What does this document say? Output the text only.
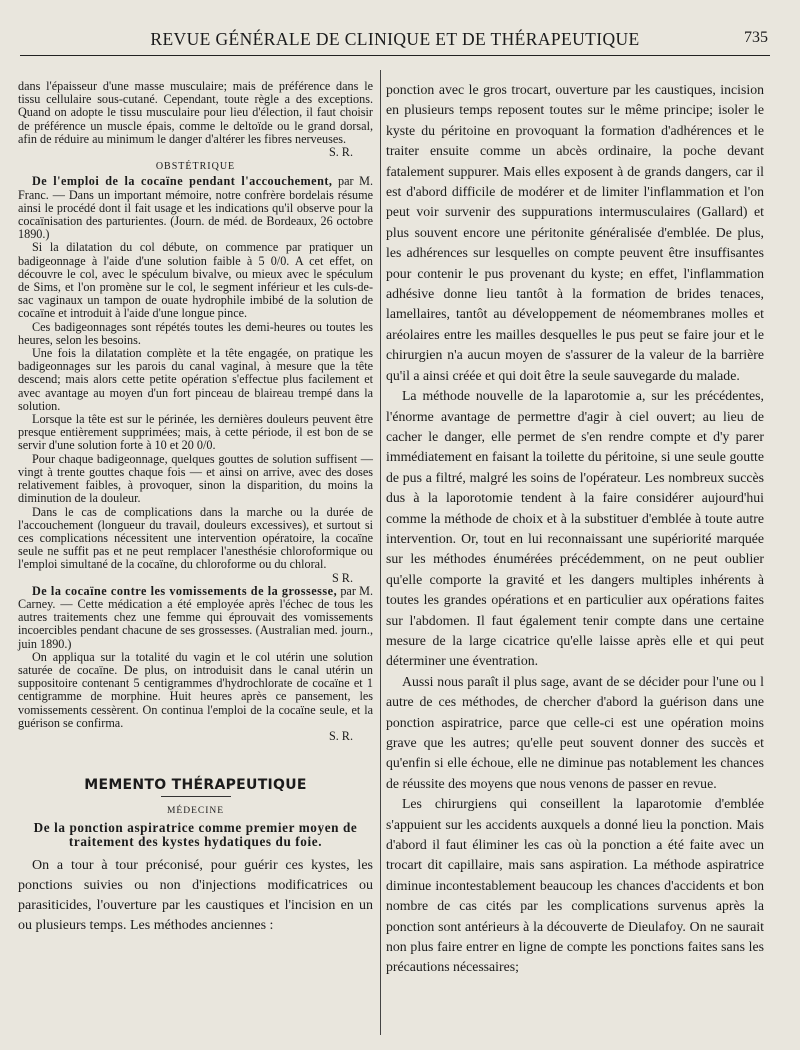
REVUE GÉNÉRALE DE CLINIQUE ET DE THÉRAPEUTIQUE	735

dans l'épaisseur d'une masse musculaire; mais de préférence dans le tissu cellulaire sous-cutané. Cependant, toute règle a des exceptions. Quand on adopte le tissu musculaire pour lieu d'élection, il faut choisir de préférence un muscle épais, comme le deltoïde ou le grand dorsal, afin de réduire au minimum le danger d'altérer les fibres nerveuses.

S. R.
OBSTÉTRIQUE

De l'emploi de la cocaïne pendant l'accouchement, par M. Franc. — Dans un important mémoire, notre confrère bordelais résume ainsi le procédé dont il fait usage et les indications qu'il observe pour la cocaïnisation des parturientes. (Journ. de méd. de Bordeaux, 26 octobre 1890.)

Si la dilatation du col débute, on commence par pratiquer un badigeonnage à l'aide d'une solution faible à 5 0/0. A cet effet, on découvre le col, avec le spéculum bivalve, ou mieux avec le spéculum de Sims, et l'on promène sur le col, le segment inférieur et les culs-de-sac vaginaux un tampon de ouate hydrophile imbibé de la solution de cocaïne et introduit à l'aide d'une longue pince.

Ces badigeonnages sont répétés toutes les demi-heures ou toutes les heures, selon les besoins.

Une fois la dilatation complète et la tête engagée, on pratique les badigeonnages sur les parois du canal vaginal, à mesure que la tête descend; mais alors cette petite opération s'effectue plus facilement et avec avantage au moyen d'un fort pinceau de blaireau trempé dans la solution.

Lorsque la tête est sur le périnée, les dernières douleurs peuvent être presque entièrement supprimées; mais, à cette période, il est bon de se servir d'une solution forte à 10 et 20 0/0.

Pour chaque badigeonnage, quelques gouttes de solution suffisent — vingt à trente gouttes chaque fois — et ainsi on arrive, avec des doses relativement faibles, à provoquer, sinon la disparition, du moins la diminution de la douleur.

Dans le cas de complications dans la marche ou la durée de l'accouchement (longueur du travail, douleurs excessives), et surtout si ces complications nécessitent une intervention opératoire, la cocaïne seule ne suffit pas et ne peut remplacer l'anesthésie chloroformique ou l'emploi simultané de la cocaïne, du chloroforme ou du chloral.

S R.

De la cocaïne contre les vomissements de la grossesse, par M. Carney. — Cette médication a été employée après l'échec de tous les autres traitements chez une femme qui éprouvait des vomissements incoercibles pendant chacune de ses grossesses. (Australian med. journ., juin 1890.)

On appliqua sur la totalité du vagin et le col utérin une solution saturée de cocaïne. De plus, on introduisit dans le canal utérin un suppositoire contenant 5 centigrammes d'hydrochlorate de cocaïne et 1 centigramme de morphine. Huit heures après ce pansement, les vomissements cessèrent. On continua l'emploi de la cocaïne seule, et la guérison se confirma.

S. R.
MEMENTO THÉRAPEUTIQUE
MÉDECINE
De la ponction aspiratrice comme premier moyen de traitement des kystes hydatiques du foie.

On a tour à tour préconisé, pour guérir ces kystes, les ponctions suivies ou non d'injections modificatrices ou parasiticides, l'ouverture par les caustiques et l'incision en un ou plusieurs temps. Les méthodes anciennes :

ponction avec le gros trocart, ouverture par les caustiques, incision en plusieurs temps reposent toutes sur le même principe; isoler le kyste du péritoine en provoquant la formation d'adhérences et le traiter ensuite comme un abcès ordinaire, la poche devant fatalement suppurer. Mais elles exposent à de grands dangers, car il est d'abord difficile de modérer et de limiter l'inflammation et l'on peut voir survenir des suppurations intermusculaires (Gallard) et plus souvent encore une péritonite généralisée d'emblée. De plus, les adhérences sur lesquelles on compte peuvent être insuffisantes pour contenir le pus provenant du kyste; en effet, l'inflammation adhésive donne lieu tantôt à la formation de brides tenaces, lamellaires, tantôt au développement de néomembranes molles et aréolaires entre les mailles desquelles le pus peut se faire jour et le chirurgien n'a aucun moyen de s'assurer de la valeur de la barrière qu'il a ainsi créée et qui doit être la seule sauvegarde du malade.

La méthode nouvelle de la laparotomie a, sur les précédentes, l'énorme avantage de permettre d'agir à ciel ouvert; au lieu de cacher le danger, elle permet de s'en rendre compte et d'y parer immédiatement en faisant la toilette du péritoine, si une seule goutte de pus a filtré, malgré les soins de l'opérateur. Les nombreux succès dus à la laporotomie tendent à la faire considérer aujourd'hui comme la méthode de choix et à la substituer d'emblée à toute autre intervention. Or, tout en lui reconnaissant une supériorité marquée sur les méthodes énumérées précédemment, on ne peut oublier qu'elle comporte la gravité et les dangers multiples inhérents à toutes les grandes opérations et en particulier aux opérations faites sur l'abdomen. Il faut également tenir compte dans une certaine mesure de la large cicatrice qu'elle laisse après elle et qui peut déterminer une éventration.

Aussi nous paraît il plus sage, avant de se décider pour l'une ou l autre de ces méthodes, de chercher d'abord la guérison dans une ponction aspiratrice, parce que celle-ci est une opération moins grave que les autres; qu'elle peut souvent donner des succès et qu'enfin si elle échoue, elle ne diminue pas notablement les chances de réussite des moyens que nous venons de passer en revue.

Les chirurgiens qui conseillent la laparotomie d'emblée s'appuient sur les accidents auxquels a donné lieu la ponction. Mais d'abord il faut éliminer les cas où la ponction a été faite avec un trocart dit capillaire, mais sans aspiration. La méthode aspiratrice diminue incontestablement beaucoup les chances d'accidents et bon nombre de cas cités par les complications survenus après la ponction sont antérieurs à la découverte de Dieulafoy. On ne saurait non plus faire entrer en ligne de compte les ponctions faites sans les précautions nécessaires;
